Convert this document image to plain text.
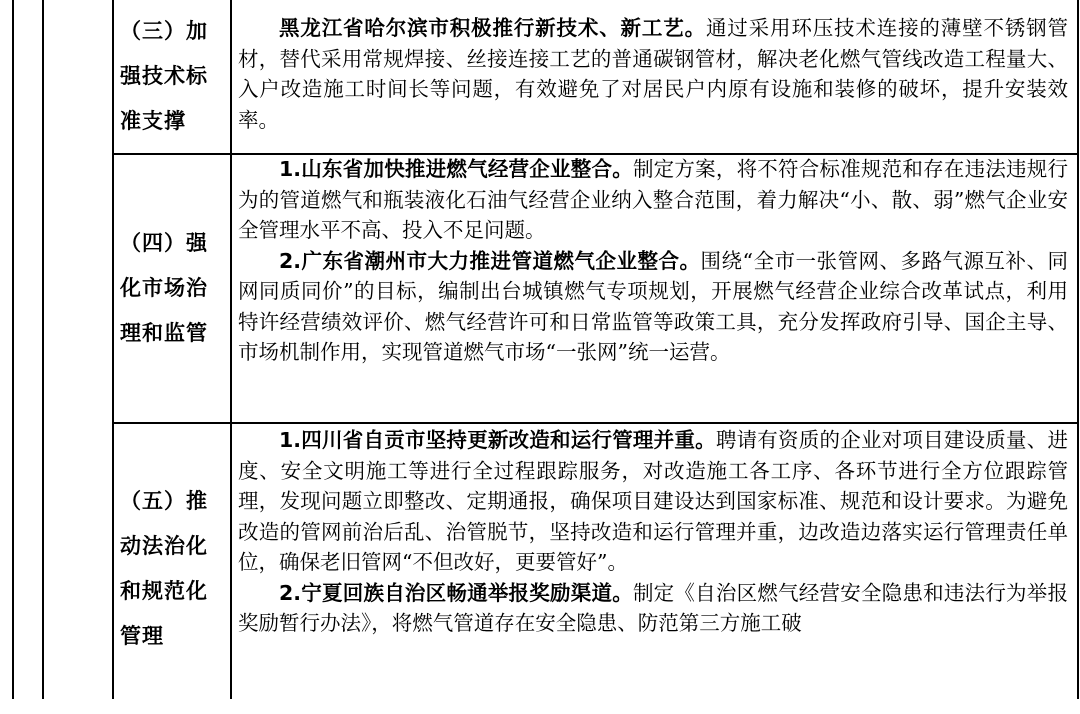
（三）加强技术标准支撑

黑龙江省哈尔滨市积极推行新技术、新工艺。通过采用环压技术连接的薄壁不锈钢管材，替代采用常规焊接、丝接连接工艺的普通碳钢管材，解决老化燃气管线改造工程量大、入户改造施工时间长等问题，有效避免了对居民户内原有设施和装修的破坏，提升安装效率。

（四）强化市场治理和监管

1.山东省加快推进燃气经营企业整合。制定方案，将不符合标准规范和存在违法违规行为的管道燃气和瓶装液化石油气经营企业纳入整合范围，着力解决“小、散、弱”燃气企业安全管理水平不高、投入不足问题。

2.广东省潮州市大力推进管道燃气企业整合。围绕“全市一张管网、多路气源互补、同网同质同价”的目标，编制出台城镇燃气专项规划，开展燃气经营企业综合改革试点，利用特许经营绩效评价、燃气经营许可和日常监管等政策工具，充分发挥政府引导、国企主导、市场机制作用，实现管道燃气市场“一张网”统一运营。

（五）推动法治化和规范化管理

1.四川省自贡市坚持更新改造和运行管理并重。聘请有资质的企业对项目建设质量、进度、安全文明施工等进行全过程跟踪服务，对改造施工各工序、各环节进行全方位跟踪管理，发现问题立即整改、定期通报，确保项目建设达到国家标准、规范和设计要求。为避免改造的管网前治后乱、治管脱节，坚持改造和运行管理并重，边改造边落实运行管理责任单位，确保老旧管网“不但改好，更要管好”。

2.宁夏回族自治区畅通举报奖励渠道。制定《自治区燃气经营安全隐患和违法行为举报奖励暂行办法》，将燃气管道存在安全隐患、防范第三方施工破
